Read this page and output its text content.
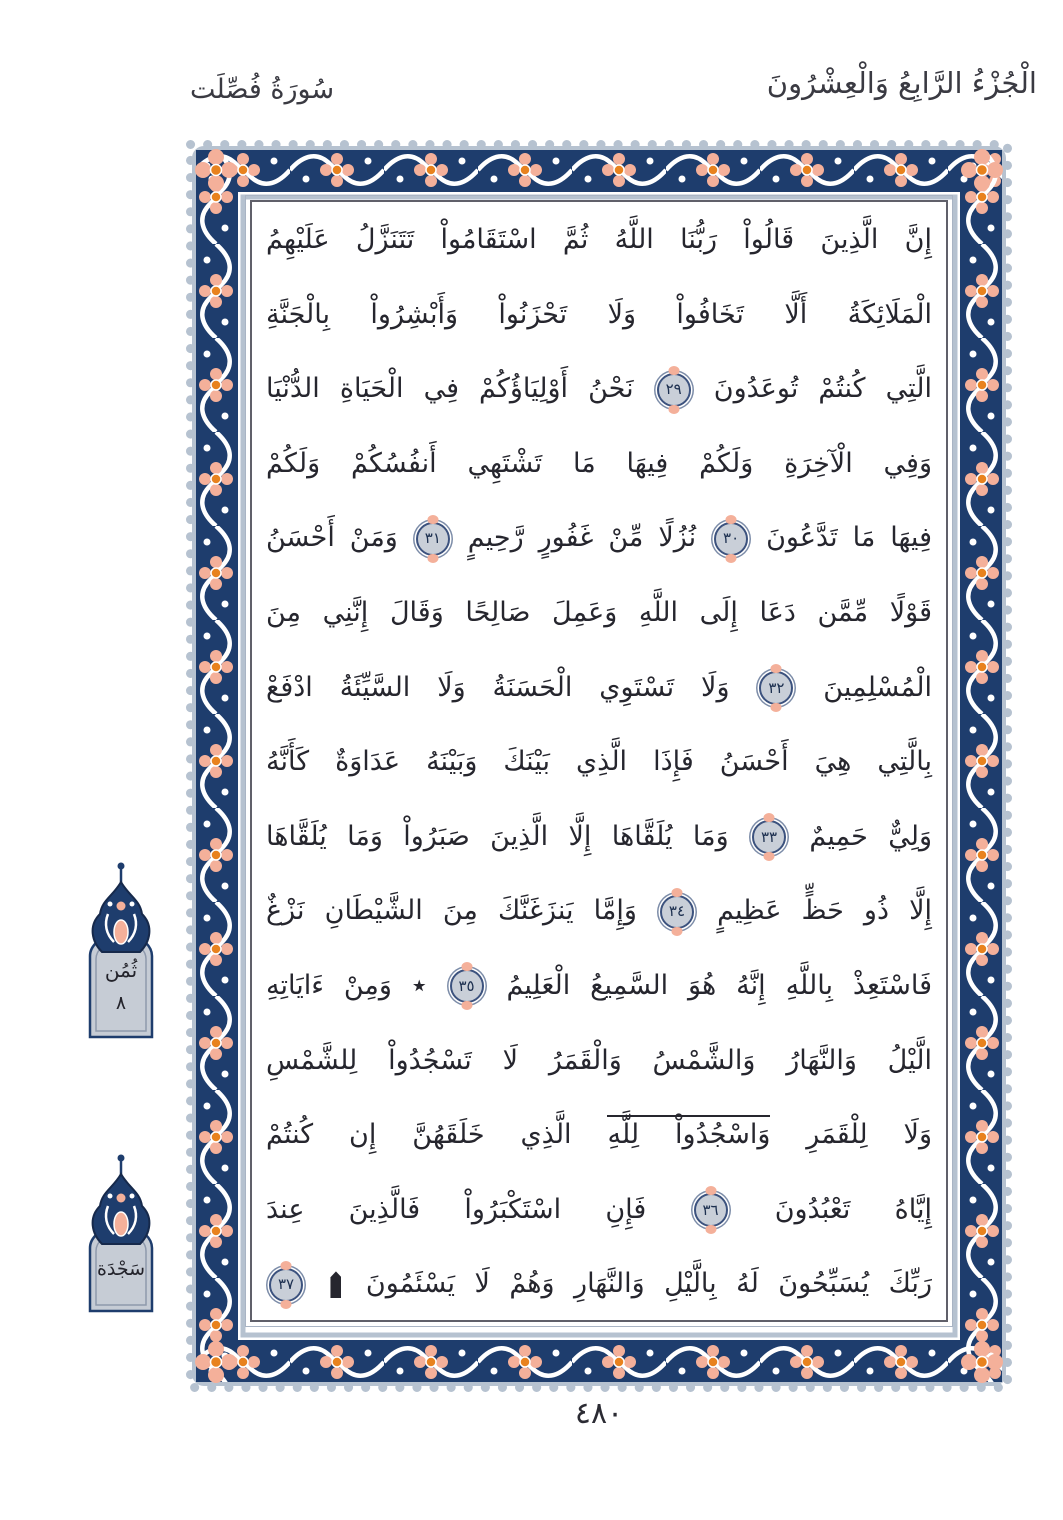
سُورَةُ فُصِّلَت	الْجُزْءُ الرَّابِعُ وَالْعِشْرُونَ
إِنَّ الَّذِينَ قَالُواْ رَبُّنَا اللَّهُ ثُمَّ اسْتَقَامُواْ تَتَنَزَّلُ عَلَيْهِمُ
الْمَلَائِكَةُ أَلَّا تَخَافُواْ وَلَا تَحْزَنُواْ وَأَبْشِرُواْ بِالْجَنَّةِ
الَّتِي كُنتُمْ تُوعَدُونَ ٢٩ نَحْنُ أَوْلِيَاؤُكُمْ فِي الْحَيَاةِ الدُّنْيَا
وَفِي الْآخِرَةِ وَلَكُمْ فِيهَا مَا تَشْتَهِي أَنفُسُكُمْ وَلَكُمْ
فِيهَا مَا تَدَّعُونَ ٣٠ نُزُلًا مِّنْ غَفُورٍ رَّحِيمٍ ٣١ وَمَنْ أَحْسَنُ
قَوْلًا مِّمَّن دَعَا إِلَى اللَّهِ وَعَمِلَ صَالِحًا وَقَالَ إِنَّنِي مِنَ
الْمُسْلِمِينَ ٣٢ وَلَا تَسْتَوِي الْحَسَنَةُ وَلَا السَّيِّئَةُ ادْفَعْ
بِالَّتِي هِيَ أَحْسَنُ فَإِذَا الَّذِي بَيْنَكَ وَبَيْنَهُ عَدَاوَةٌ كَأَنَّهُ
وَلِيٌّ حَمِيمٌ ٣٣ وَمَا يُلَقَّاهَا إِلَّا الَّذِينَ صَبَرُواْ وَمَا يُلَقَّاهَا
إِلَّا ذُو حَظٍّ عَظِيمٍ ٣٤ وَإِمَّا يَنزَغَنَّكَ مِنَ الشَّيْطَانِ نَزْغٌ
فَاسْتَعِذْ بِاللَّهِ إِنَّهُ هُوَ السَّمِيعُ الْعَلِيمُ ٣٥ ٭ وَمِنْ ءَايَاتِهِ
الَّيْلُ وَالنَّهَارُ وَالشَّمْسُ وَالْقَمَرُ لَا تَسْجُدُواْ لِلشَّمْسِ
وَلَا لِلْقَمَرِ وَاسْجُدُواْ لِلَّهِ الَّذِي خَلَقَهُنَّ إِن كُنتُمْ
إِيَّاهُ تَعْبُدُونَ ٣٦ فَإِنِ اسْتَكْبَرُواْ فَالَّذِينَ عِندَ
رَبِّكَ يُسَبِّحُونَ لَهُ بِالَّيْلِ وَالنَّهَارِ وَهُمْ لَا يَسْئَمُونَ  ٣٧
ثُمُن
٨
سَجْدَة
٤٨٠
